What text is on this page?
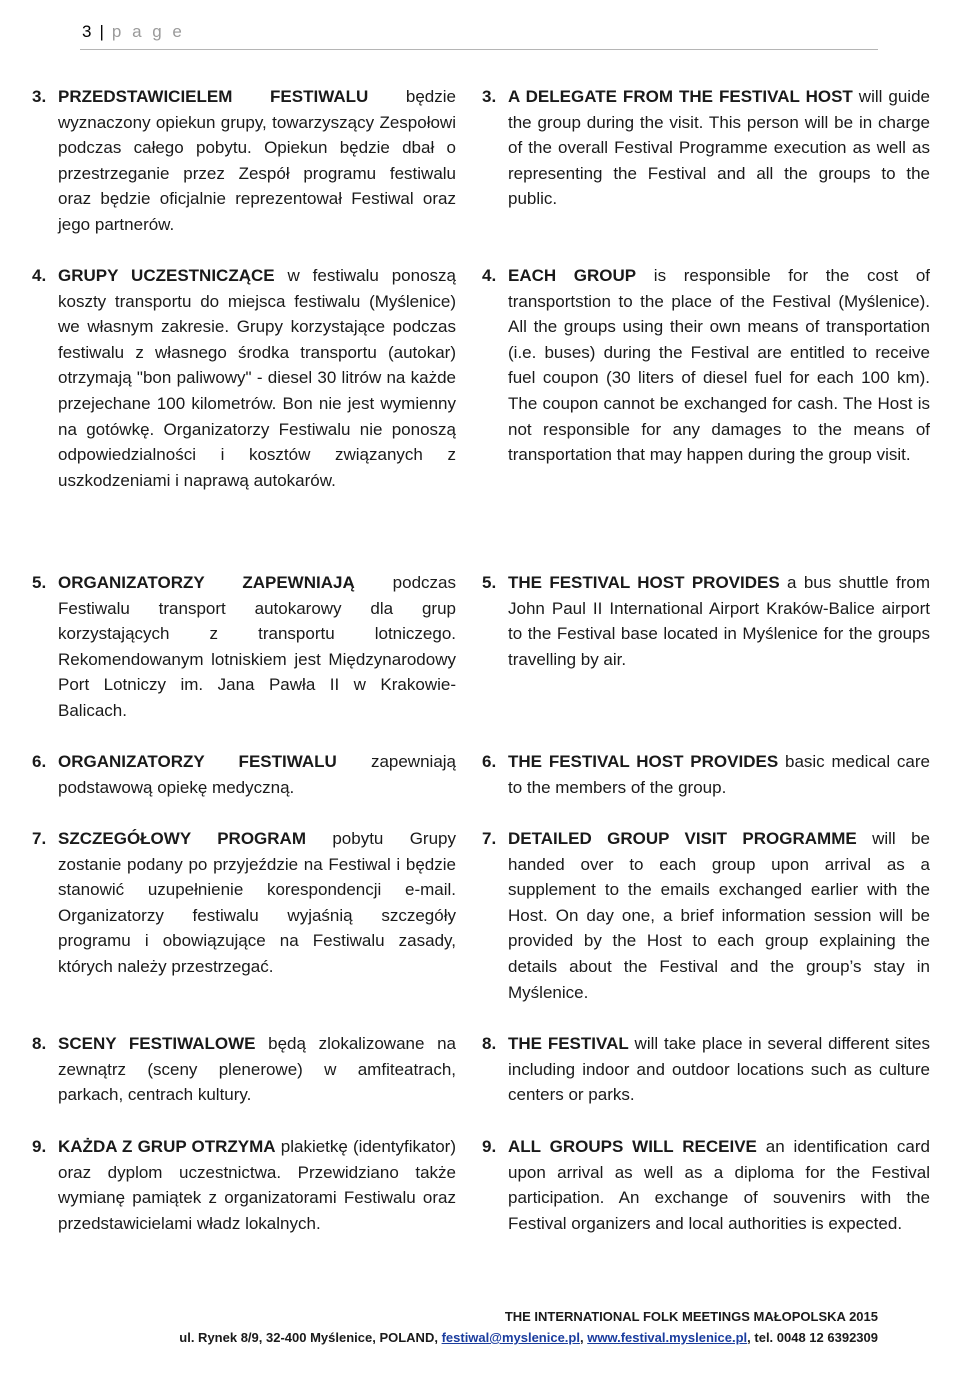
3 | p a g e
3. PRZEDSTAWICIELEM FESTIWALU będzie wyznaczony opiekun grupy, towarzyszący Zespołowi podczas całego pobytu. Opiekun będzie dbał o przestrzeganie przez Zespół programu festiwalu oraz będzie oficjalnie reprezentował Festiwal oraz jego partnerów.
4. GRUPY UCZESTNICZĄCE w festiwalu ponoszą koszty transportu do miejsca festiwalu (Myślenice) we własnym zakresie. Grupy korzystające podczas festiwalu z własnego środka transportu (autokar) otrzymają "bon paliwowy" - diesel 30 litrów na każde przejechane 100 kilometrów. Bon nie jest wymienny na gotówkę. Organizatorzy Festiwalu nie ponoszą odpowiedzialności i kosztów związanych z uszkodzeniami i naprawą autokarów.
5. ORGANIZATORZY ZAPEWNIAJĄ podczas Festiwalu transport autokarowy dla grup korzystających z transportu lotniczego. Rekomendowanym lotniskiem jest Międzynarodowy Port Lotniczy im. Jana Pawła II w Krakowie-Balicach.
6. ORGANIZATORZY FESTIWALU zapewniają podstawową opiekę medyczną.
7. SZCZEGÓŁOWY PROGRAM pobytu Grupy zostanie podany po przyjeździe na Festiwal i będzie stanowić uzupełnienie korespondencji e-mail. Organizatorzy festiwalu wyjaśnią szczegóły programu i obowiązujące na Festiwalu zasady, których należy przestrzegać.
8. SCENY FESTIWALOWE będą zlokalizowane na zewnątrz (sceny plenerowe) w amfiteatrach, parkach, centrach kultury.
9. KAŻDA Z GRUP OTRZYMA plakietkę (identyfikator) oraz dyplom uczestnictwa. Przewidziano także wymianę pamiątek z organizatorami Festiwalu oraz przedstawicielami władz lokalnych.
3. A DELEGATE FROM THE FESTIVAL HOST will guide the group during the visit. This person will be in charge of the overall Festival Programme execution as well as representing the Festival and all the groups to the public.
4. EACH GROUP is responsible for the cost of transportstion to the place of the Festival (Myślenice). All the groups using their own means of transportation (i.e. buses) during the Festival are entitled to receive fuel coupon (30 liters of diesel fuel for each 100 km). The coupon cannot be exchanged for cash. The Host is not responsible for any damages to the means of transportation that may happen during the group visit.
5. THE FESTIVAL HOST PROVIDES a bus shuttle from John Paul II International Airport Kraków-Balice airport to the Festival base located in Myślenice for the groups travelling by air.
6. THE FESTIVAL HOST PROVIDES basic medical care to the members of the group.
7. DETAILED GROUP VISIT PROGRAMME will be handed over to each group upon arrival as a supplement to the emails exchanged earlier with the Host. On day one, a brief information session will be provided by the Host to each group explaining the details about the Festival and the group’s stay in Myślenice.
8. THE FESTIVAL will take place in several different sites including indoor and outdoor locations such as culture centers or parks.
9. ALL GROUPS WILL RECEIVE an identification card upon arrival as well as a diploma for the Festival participation. An exchange of souvenirs with the Festival organizers and local authorities is expected.
THE INTERNATIONAL FOLK MEETINGS MAŁOPOLSKA 2015
ul. Rynek 8/9, 32-400 Myślenice, POLAND, festiwal@myslenice.pl, www.festival.myslenice.pl, tel. 0048 12 6392309
